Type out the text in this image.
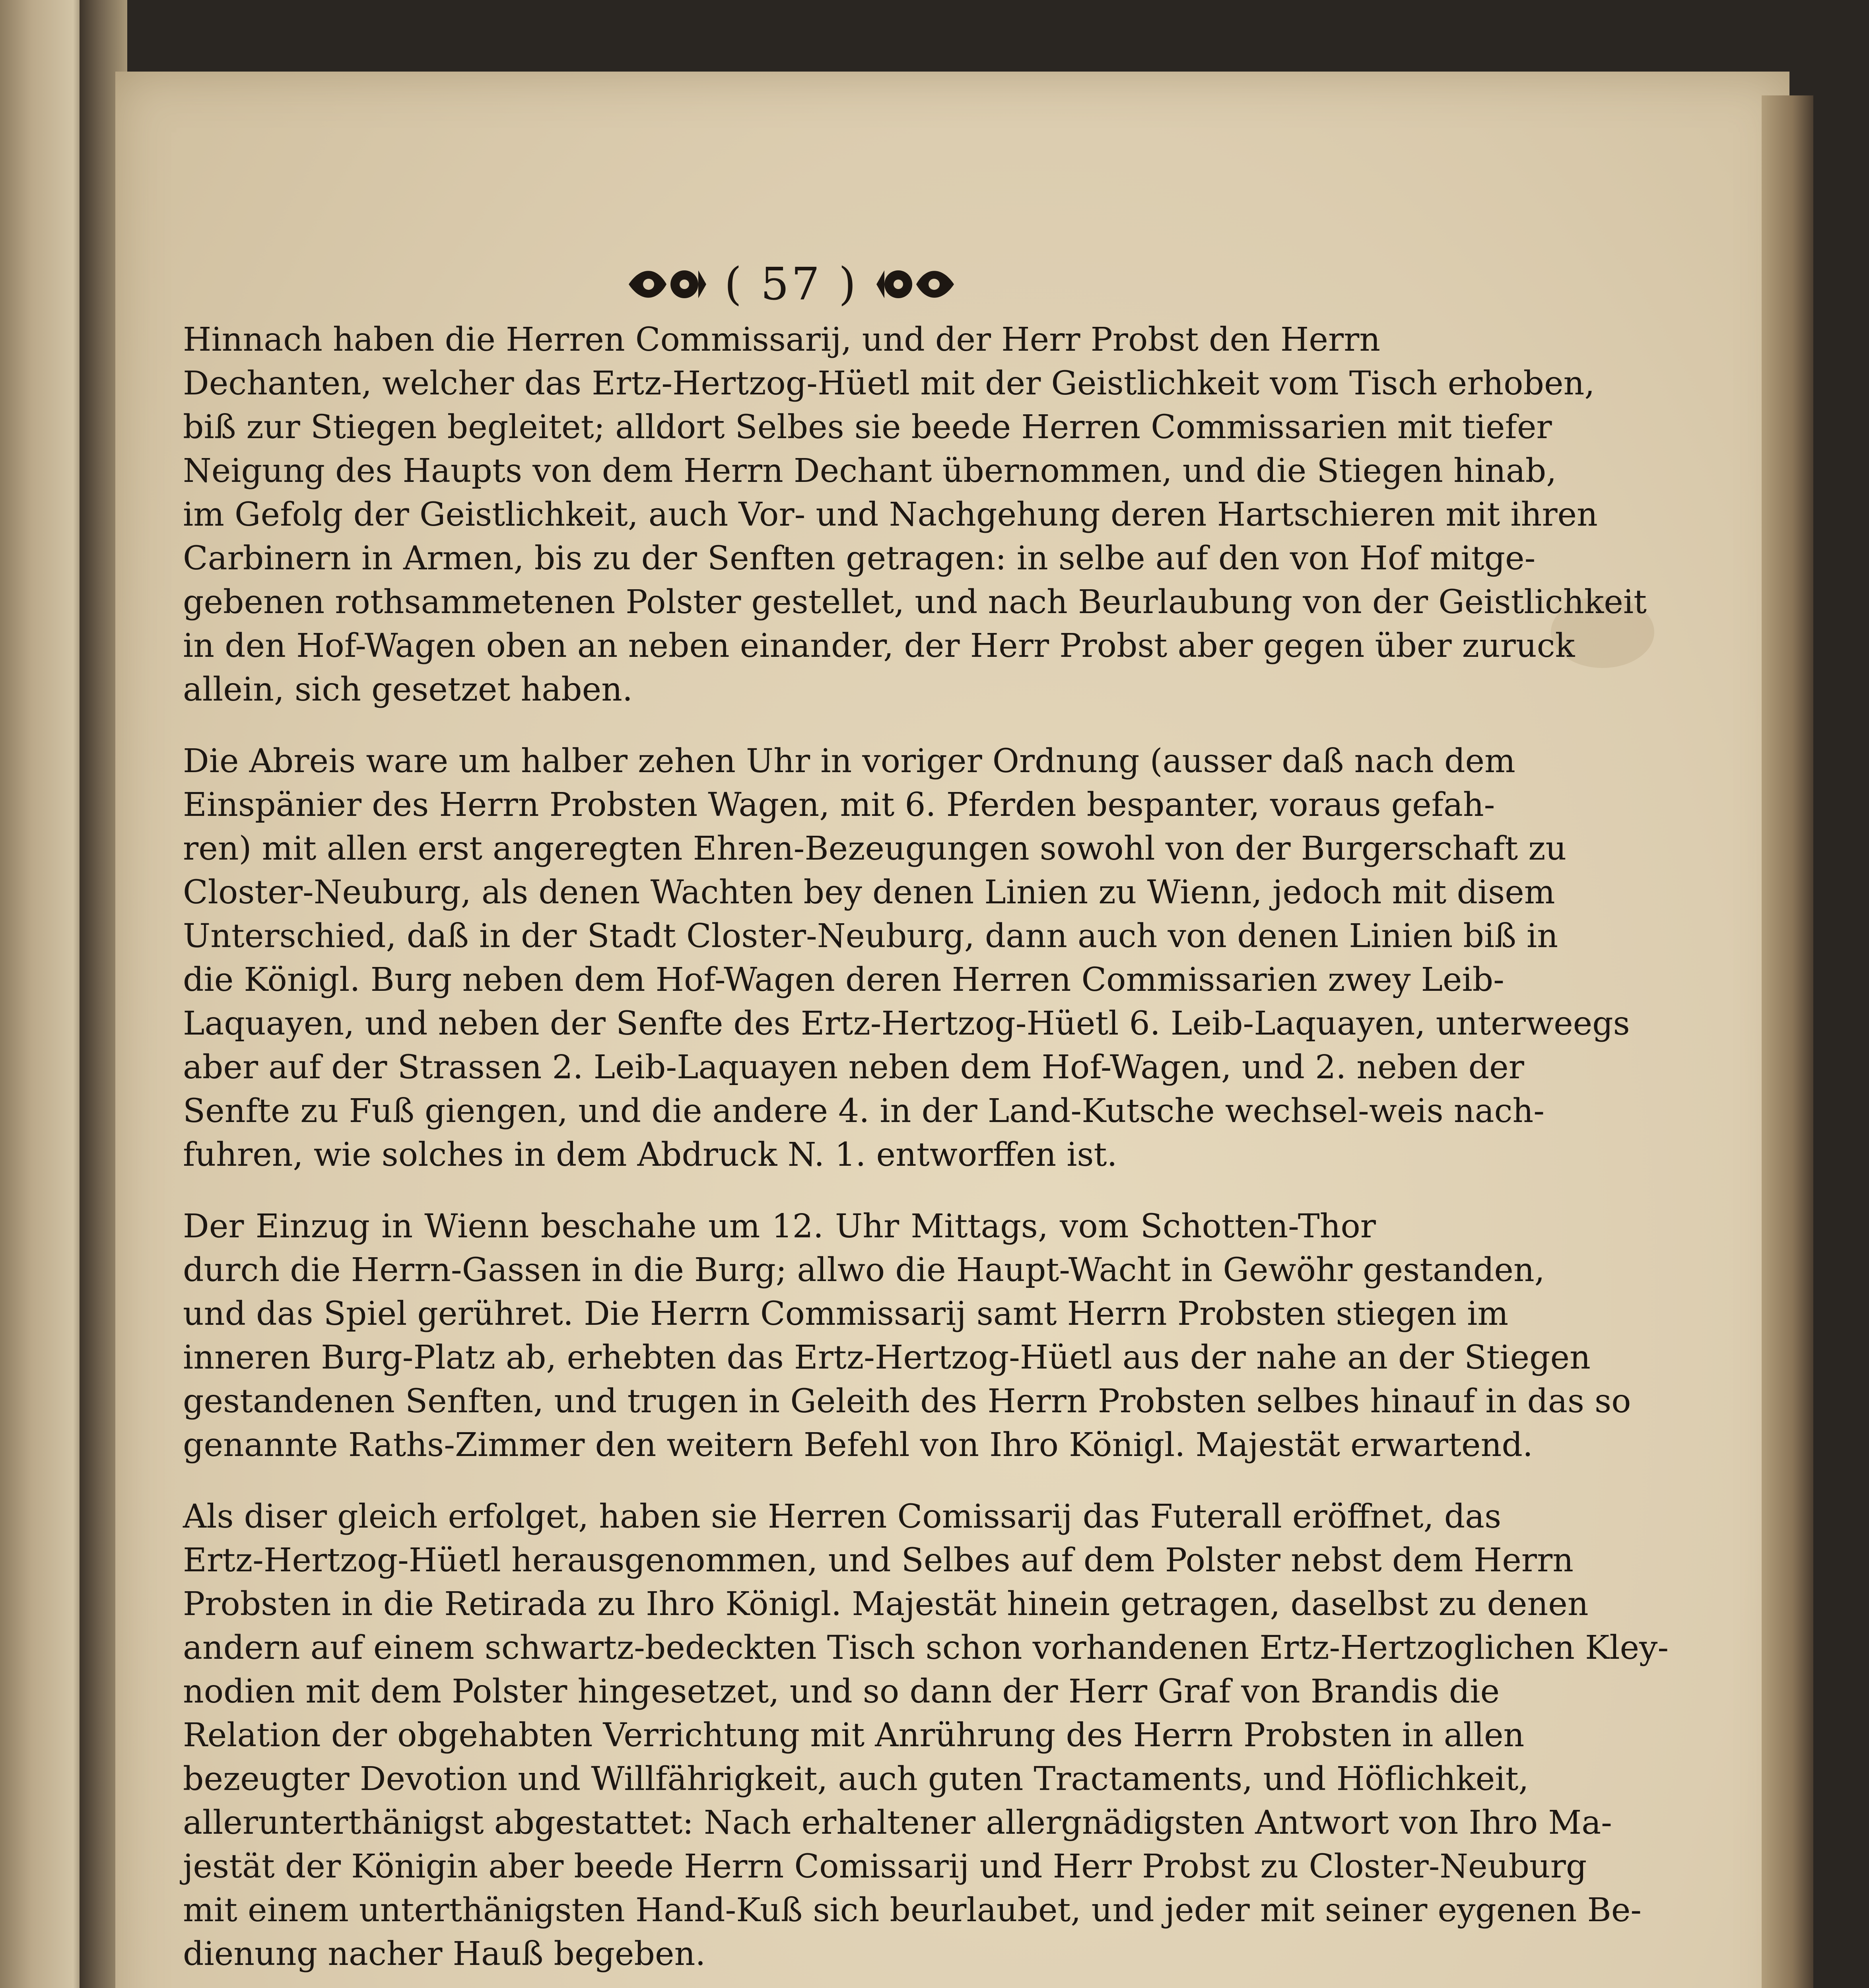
( 57 )

Hinnach haben die Herren Commissarij, und der Herr Probst den Herrn
Dechanten, welcher das Ertz-Hertzog-Hüetl mit der Geistlichkeit vom Tisch erhoben,
biß zur Stiegen begleitet; alldort Selbes sie beede Herren Commissarien mit tiefer
Neigung des Haupts von dem Herrn Dechant übernommen, und die Stiegen hinab,
im Gefolg der Geistlichkeit, auch Vor- und Nachgehung deren Hartschieren mit ihren
Carbinern in Armen, bis zu der Senften getragen: in selbe auf den von Hof mitge-
gebenen rothsammetenen Polster gestellet, und nach Beurlaubung von der Geistlichkeit
in den Hof-Wagen oben an neben einander, der Herr Probst aber gegen über zuruck
allein, sich gesetzet haben.

Die Abreis ware um halber zehen Uhr in voriger Ordnung (ausser daß nach dem
Einspänier des Herrn Probsten Wagen, mit 6. Pferden bespanter, voraus gefah-
ren) mit allen erst angeregten Ehren-Bezeugungen sowohl von der Burgerschaft zu
Closter-Neuburg, als denen Wachten bey denen Linien zu Wienn, jedoch mit disem
Unterschied, daß in der Stadt Closter-Neuburg, dann auch von denen Linien biß in
die Königl. Burg neben dem Hof-Wagen deren Herren Commissarien zwey Leib-
Laquayen, und neben der Senfte des Ertz-Hertzog-Hüetl 6. Leib-Laquayen, unterweegs
aber auf der Strassen 2. Leib-Laquayen neben dem Hof-Wagen, und 2. neben der
Senfte zu Fuß giengen, und die andere 4. in der Land-Kutsche wechsel-weis nach-
fuhren, wie solches in dem Abdruck N. 1. entworffen ist.

Der Einzug in Wienn beschahe um 12. Uhr Mittags, vom Schotten-Thor
durch die Herrn-Gassen in die Burg; allwo die Haupt-Wacht in Gewöhr gestanden,
und das Spiel gerühret. Die Herrn Commissarij samt Herrn Probsten stiegen im
inneren Burg-Platz ab, erhebten das Ertz-Hertzog-Hüetl aus der nahe an der Stiegen
gestandenen Senften, und trugen in Geleith des Herrn Probsten selbes hinauf in das so
genannte Raths-Zimmer den weitern Befehl von Ihro Königl. Majestät erwartend.

Als diser gleich erfolget, haben sie Herren Comissarij das Futerall eröffnet, das
Ertz-Hertzog-Hüetl herausgenommen, und Selbes auf dem Polster nebst dem Herrn
Probsten in die Retirada zu Ihro Königl. Majestät hinein getragen, daselbst zu denen
andern auf einem schwartz-bedeckten Tisch schon vorhandenen Ertz-Hertzoglichen Kley-
nodien mit dem Polster hingesetzet, und so dann der Herr Graf von Brandis die
Relation der obgehabten Verrichtung mit Anrührung des Herrn Probsten in allen
bezeugter Devotion und Willfährigkeit, auch guten Tractaments, und Höflichkeit,
allerunterthänigst abgestattet: Nach erhaltener allergnädigsten Antwort von Ihro Ma-
jestät der Königin aber beede Herrn Comissarij und Herr Probst zu Closter-Neuburg
mit einem unterthänigsten Hand-Kuß sich beurlaubet, und jeder mit seiner eygenen Be-
dienung nacher Hauß begeben.
